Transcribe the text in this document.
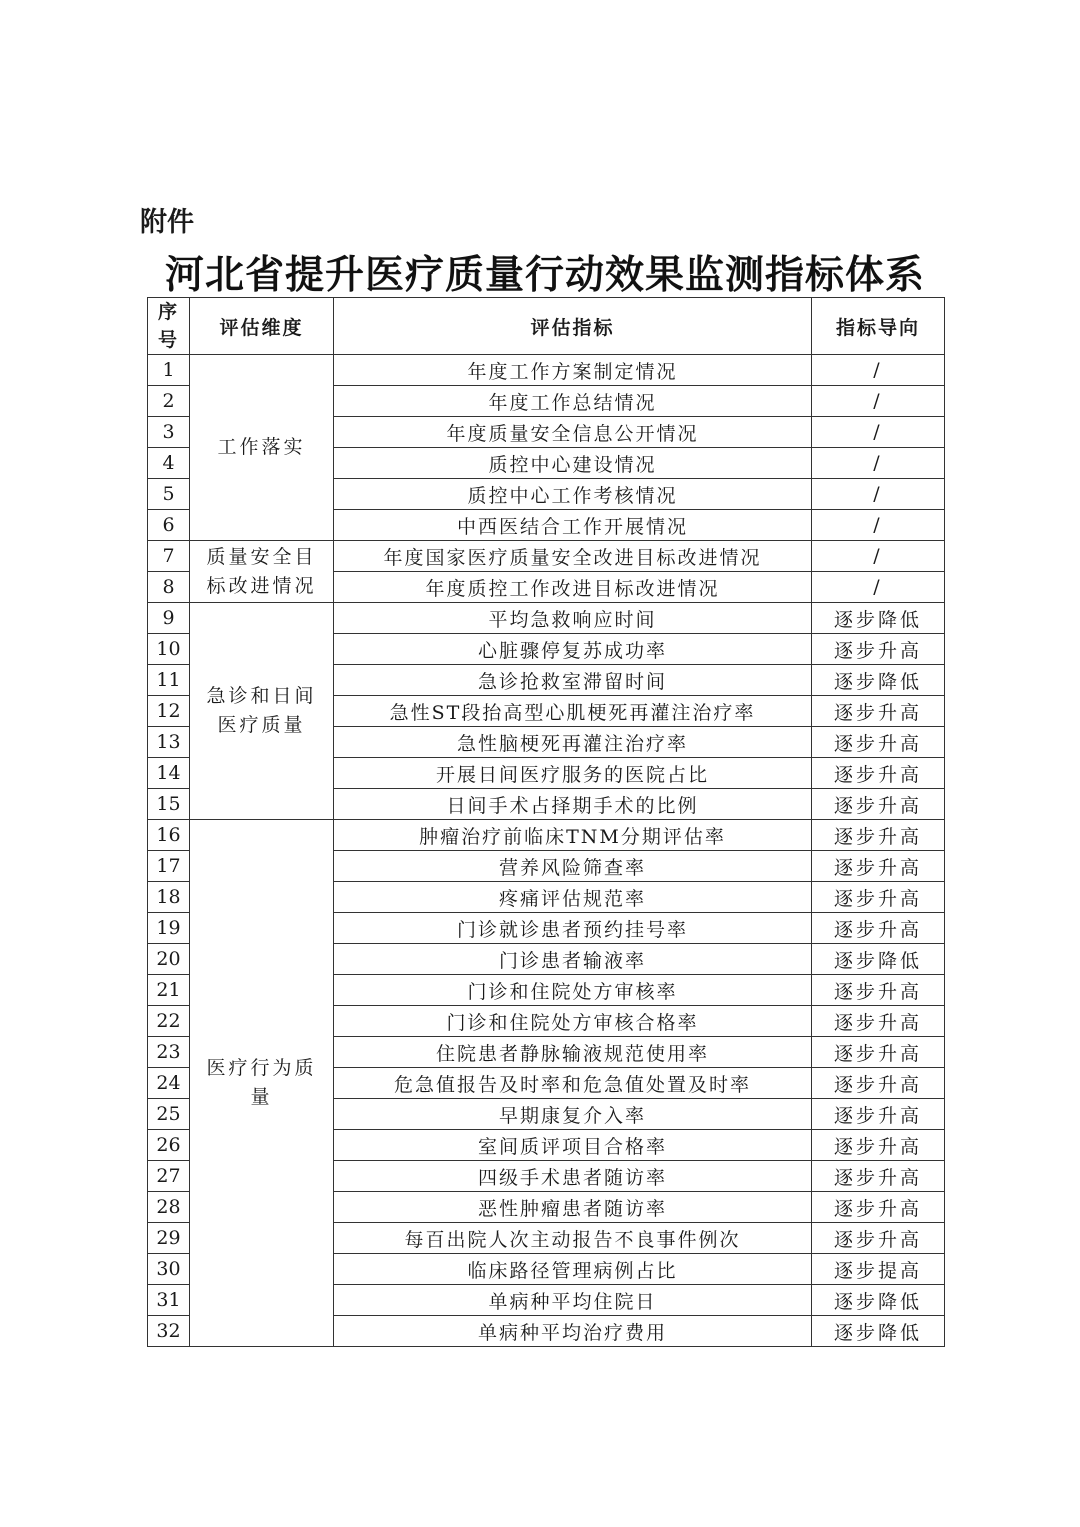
附件
河北省提升医疗质量行动效果监测指标体系
序号	评估维度	评估指标	指标导向
1	工作落实	年度工作方案制定情况	/
2		年度工作总结情况	/
3		年度质量安全信息公开情况	/
4		质控中心建设情况	/
5		质控中心工作考核情况	/
6		中西医结合工作开展情况	/
7	质量安全目标改进情况	年度国家医疗质量安全改进目标改进情况	/
8		年度质控工作改进目标改进情况	/
9	急诊和日间医疗质量	平均急救响应时间	逐步降低
10		心脏骤停复苏成功率	逐步升高
11		急诊抢救室滞留时间	逐步降低
12		急性ST段抬高型心肌梗死再灌注治疗率	逐步升高
13		急性脑梗死再灌注治疗率	逐步升高
14		开展日间医疗服务的医院占比	逐步升高
15		日间手术占择期手术的比例	逐步升高
16	医疗行为质量	肿瘤治疗前临床TNM分期评估率	逐步升高
17		营养风险筛查率	逐步升高
18		疼痛评估规范率	逐步升高
19		门诊就诊患者预约挂号率	逐步升高
20		门诊患者输液率	逐步降低
21		门诊和住院处方审核率	逐步升高
22		门诊和住院处方审核合格率	逐步升高
23		住院患者静脉输液规范使用率	逐步升高
24		危急值报告及时率和危急值处置及时率	逐步升高
25		早期康复介入率	逐步升高
26		室间质评项目合格率	逐步升高
27		四级手术患者随访率	逐步升高
28		恶性肿瘤患者随访率	逐步升高
29		每百出院人次主动报告不良事件例次	逐步升高
30		临床路径管理病例占比	逐步提高
31		单病种平均住院日	逐步降低
32		单病种平均治疗费用	逐步降低
